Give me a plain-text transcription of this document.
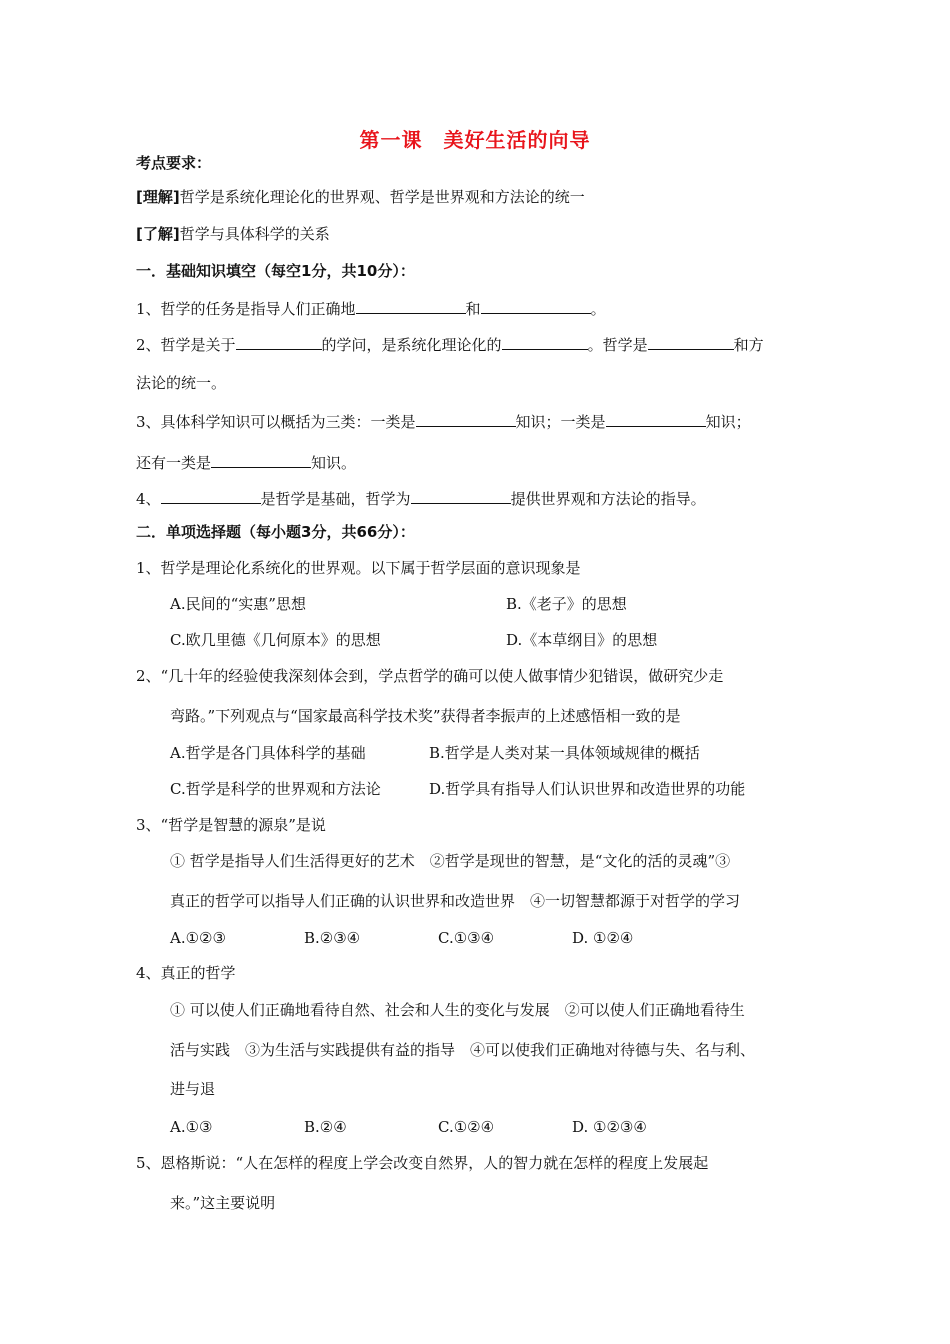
第一课　美好生活的向导
考点要求：
[理解]哲学是系统化理论化的世界观、哲学是世界观和方法论的统一
[了解]哲学与具体科学的关系
一．基础知识填空（每空1分，共10分）：
1、哲学的任务是指导人们正确地	和	。
2、哲学是关于	的学问，是系统化理论化的	。哲学是	和方
法论的统一。
3、具体科学知识可以概括为三类：一类是	知识；一类是	知识；
还有一类是	知识。
4、	是哲学是基础，哲学为	提供世界观和方法论的指导。
二．单项选择题（每小题3分，共66分）：
1、哲学是理论化系统化的世界观。以下属于哲学层面的意识现象是
A.民间的“实惠”思想	B.《老子》的思想
C.欧几里德《几何原本》的思想	D.《本草纲目》的思想
2、“几十年的经验使我深刻体会到，学点哲学的确可以使人做事情少犯错误，做研究少走
弯路。”下列观点与“国家最高科学技术奖”获得者李振声的上述感悟相一致的是
A.哲学是各门具体科学的基础	B.哲学是人类对某一具体领域规律的概括
C.哲学是科学的世界观和方法论	D.哲学具有指导人们认识世界和改造世界的功能
3、“哲学是智慧的源泉”是说
① 哲学是指导人们生活得更好的艺术　②哲学是现世的智慧，是“文化的活的灵魂”③
真正的哲学可以指导人们正确的认识世界和改造世界　④一切智慧都源于对哲学的学习
A.①②③	B.②③④	C.①③④	D. ①②④
4、真正的哲学
① 可以使人们正确地看待自然、社会和人生的变化与发展　②可以使人们正确地看待生
活与实践　③为生活与实践提供有益的指导　④可以使我们正确地对待德与失、名与利、
进与退
A.①③	B.②④	C.①②④	D. ①②③④
5、恩格斯说：“人在怎样的程度上学会改变自然界，人的智力就在怎样的程度上发展起
来。”这主要说明
